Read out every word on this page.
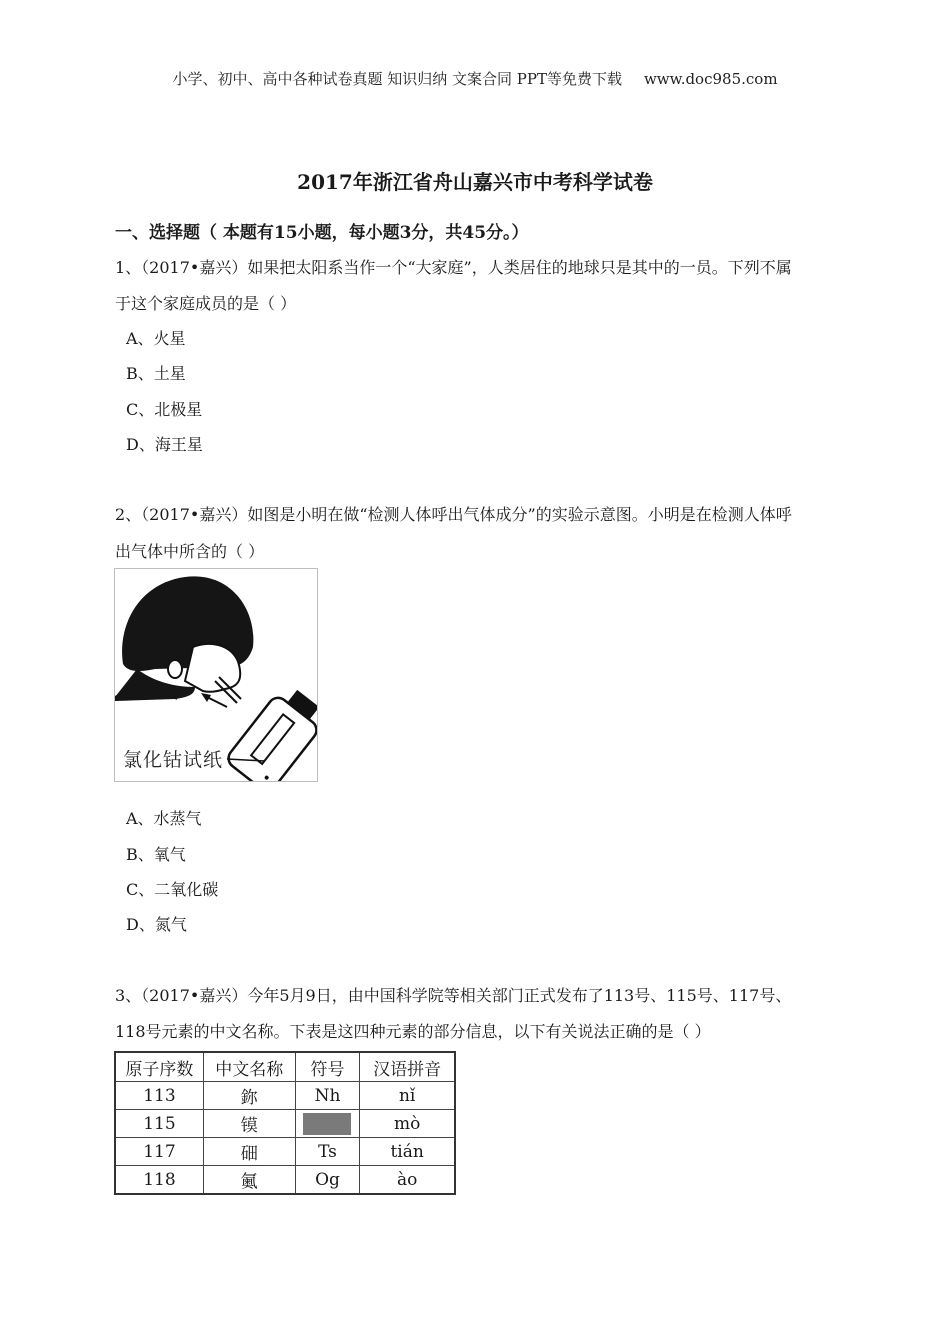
小学、初中、高中各种试卷真题 知识归纳 文案合同 PPT等免费下载 www.doc985.com
2017年浙江省舟山嘉兴市中考科学试卷
一、选择题（ 本题有15小题，每小题3分，共45分。）
1、（2017•嘉兴）如果把太阳系当作一个“大家庭”，人类居住的地球只是其中的一员。下列不属
于这个家庭成员的是（ ）
A、火星
B、土星
C、北极星
D、海王星
2、（2017•嘉兴）如图是小明在做“检测人体呼出气体成分”的实验示意图。小明是在检测人体呼
出气体中所含的（ ）
氯化钴试纸
A、水蒸气
B、氧气
C、二氧化碳
D、氮气
3、（2017•嘉兴）今年5月9日，由中国科学院等相关部门正式发布了113号、115号、117号、
118号元素的中文名称。下表是这四种元素的部分信息，以下有关说法正确的是（ ）
原子序数	中文名称	符号	汉语拼音
113	鉨	Nh	nǐ
115	镆		mò
117	鿬	Ts	tián
118	鿫	Og	ào
